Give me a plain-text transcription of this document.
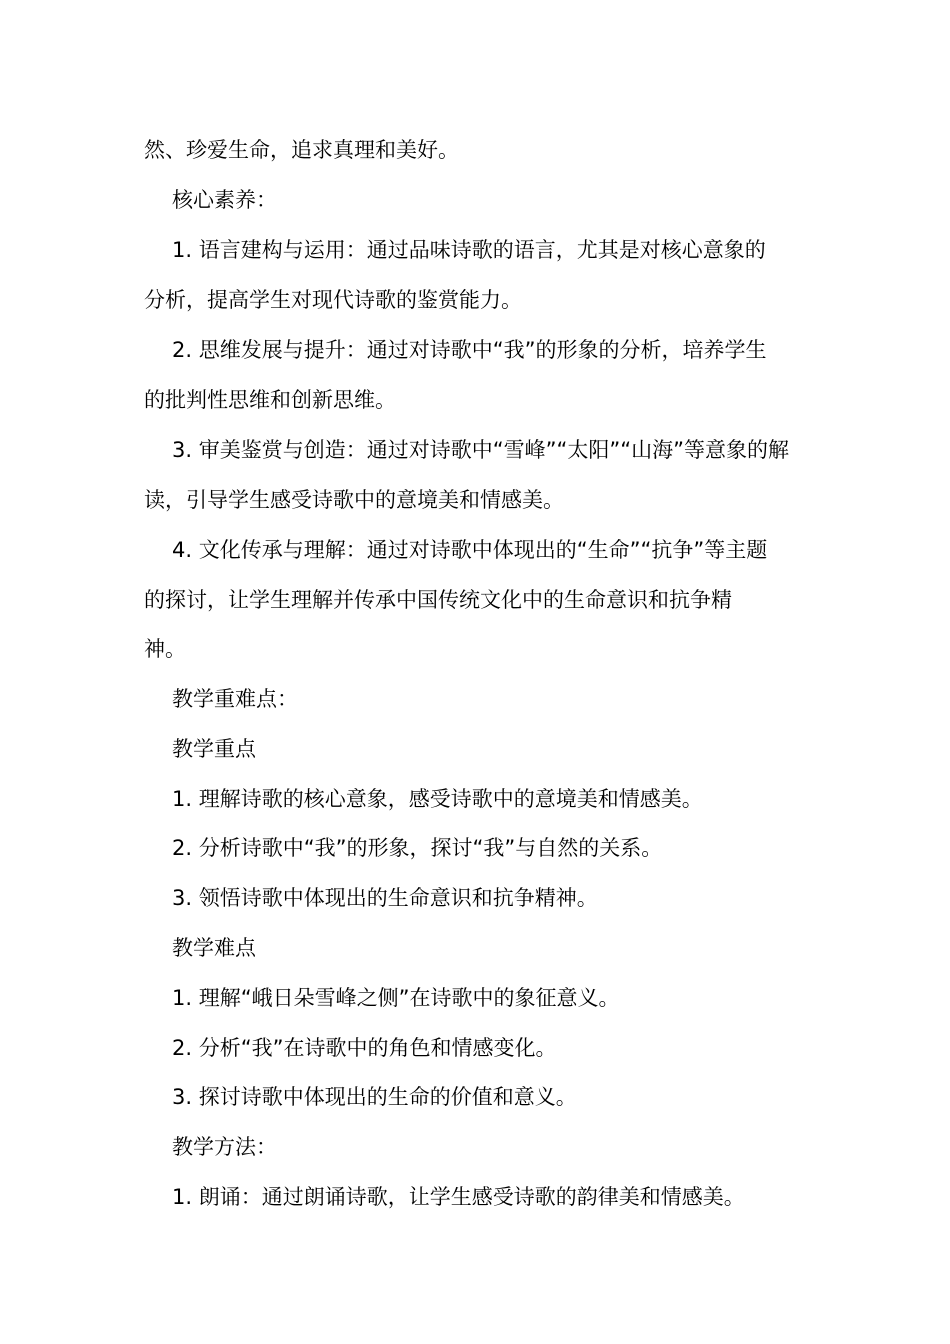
然、珍爱生命，追求真理和美好。
核心素养：
1. 语言建构与运用：通过品味诗歌的语言，尤其是对核心意象的
分析，提高学生对现代诗歌的鉴赏能力。
2. 思维发展与提升：通过对诗歌中“我”的形象的分析，培养学生
的批判性思维和创新思维。
3. 审美鉴赏与创造：通过对诗歌中“雪峰”“太阳”“山海”等意象的解
读，引导学生感受诗歌中的意境美和情感美。
4. 文化传承与理解：通过对诗歌中体现出的“生命”“抗争”等主题
的探讨，让学生理解并传承中国传统文化中的生命意识和抗争精
神。
教学重难点：
教学重点
1. 理解诗歌的核心意象，感受诗歌中的意境美和情感美。
2. 分析诗歌中“我”的形象，探讨“我”与自然的关系。
3. 领悟诗歌中体现出的生命意识和抗争精神。
教学难点
1. 理解“峨日朵雪峰之侧”在诗歌中的象征意义。
2. 分析“我”在诗歌中的角色和情感变化。
3. 探讨诗歌中体现出的生命的价值和意义。
教学方法：
1. 朗诵：通过朗诵诗歌，让学生感受诗歌的韵律美和情感美。
